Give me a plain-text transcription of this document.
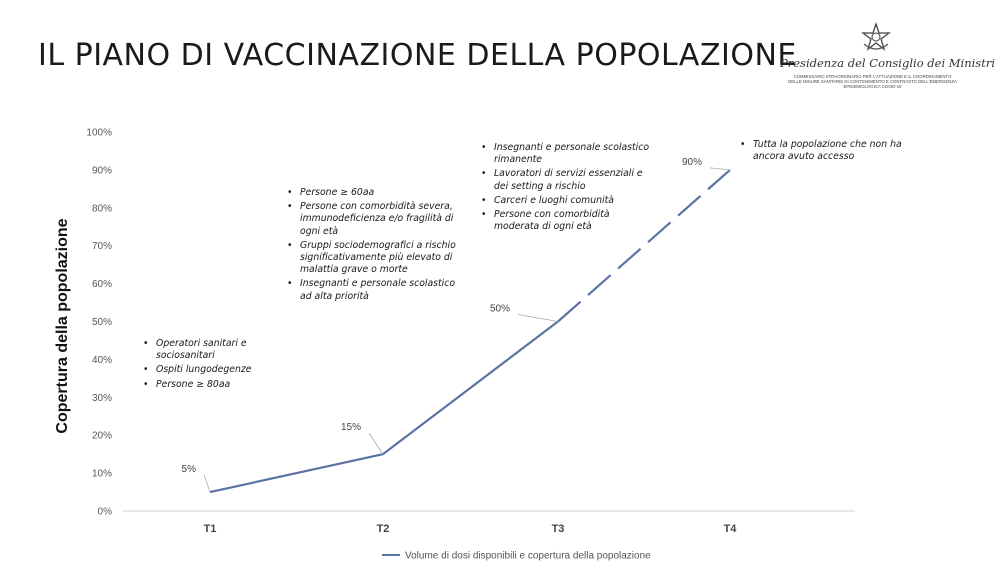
IL PIANO DI VACCINAZIONE DELLA POPOLAZIONE
Presidenza del Consiglio dei Ministri
COMMISSARIO STRAORDINARIO PER L'ATTUAZIONE E IL COORDINAMENTO
DELLE MISURE SANITARIE DI CONTENIMENTO E CONTRASTO DELL'EMERGENZA
EPIDEMIOLOGICA COVID-19
0%
10%
20%
30%
40%
50%
60%
70%
80%
90%
100%
T1	T2	T3	T4
Copertura della popolazione
5%
15%
50%
90%
Volume di dosi disponibili e copertura della popolazione
• Operatori sanitari e sociosanitari
• Ospiti lungodegenze
• Persone ≥ 80aa
• Persone ≥ 60aa
• Persone con comorbidità severa, immunodeficienza e/o fragilità di ogni età
• Gruppi sociodemografici a rischio significativamente più elevato di malattia grave o morte
• Insegnanti e personale scolastico ad alta priorità
• Insegnanti e personale scolastico rimanente
• Lavoratori di servizi essenziali e dei setting a rischio
• Carceri e luoghi comunità
• Persone con comorbidità moderata di ogni età
• Tutta la popolazione che non ha ancora avuto accesso
